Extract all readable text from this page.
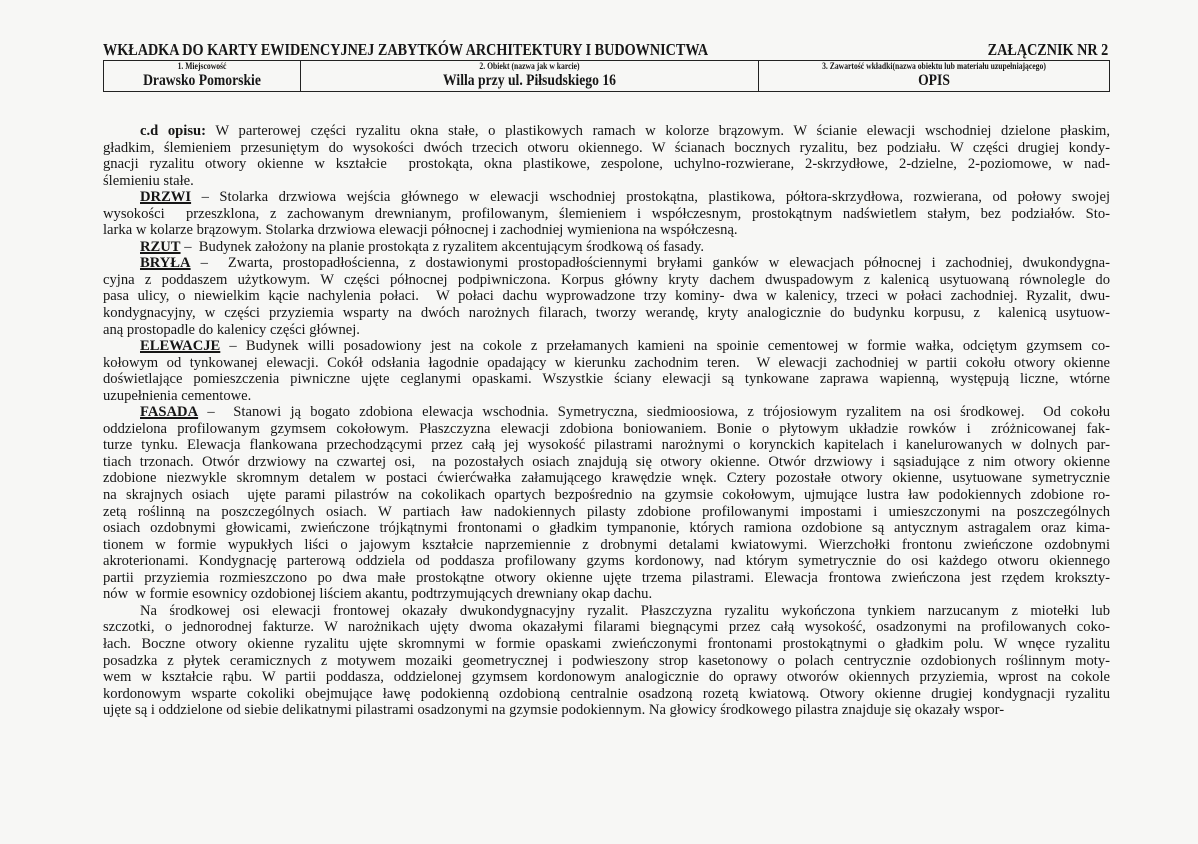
WKŁADKA DO KARTY EWIDENCYJNEJ ZABYTKÓW ARCHITEKTURY I BUDOWNICTWA	ZAŁĄCZNIK NR 2
1. Miejscowość
Drawsko Pomorskie
2. Obiekt (nazwa jak w karcie)
Willa przy ul. Piłsudskiego 16
3. Zawartość wkładki(nazwa obiektu lub materiału uzupełniającego)
OPIS
c.d opisu: W parterowej części ryzalitu okna stałe, o plastikowych ramach w kolorze brązowym. W ścianie elewacji wschodniej dzielone płaskim,
gładkim, ślemieniem przesuniętym do wysokości dwóch trzecich otworu okiennego. W ścianach bocznych ryzalitu, bez podziału. W części drugiej kondy-
gnacji ryzalitu otwory okienne w kształcie  prostokąta, okna plastikowe, zespolone, uchylno-rozwierane, 2-skrzydłowe, 2-dzielne, 2-poziomowe, w nad-
ślemieniu stałe.
DRZWI – Stolarka drzwiowa wejścia głównego w elewacji wschodniej prostokątna, plastikowa, półtora-skrzydłowa, rozwierana, od połowy swojej
wysokości  przeszklona, z zachowanym drewnianym, profilowanym, ślemieniem i współczesnym, prostokątnym nadświetlem stałym, bez podziałów. Sto-
larka w kolarze brązowym. Stolarka drzwiowa elewacji północnej i zachodniej wymieniona na współczesną.
RZUT –  Budynek założony na planie prostokąta z ryzalitem akcentującym środkową oś fasady.
BRYŁA –  Zwarta, prostopadłościenna, z dostawionymi prostopadłościennymi bryłami ganków w elewacjach północnej i zachodniej, dwukondygna-
cyjna z poddaszem użytkowym. W części północnej podpiwniczona. Korpus główny kryty dachem dwuspadowym z kalenicą usytuowaną równolegle do
pasa ulicy, o niewielkim kącie nachylenia połaci.  W połaci dachu wyprowadzone trzy kominy- dwa w kalenicy, trzeci w połaci zachodniej. Ryzalit, dwu-
kondygnacyjny, w części przyziemia wsparty na dwóch narożnych filarach, tworzy werandę, kryty analogicznie do budynku korpusu, z  kalenicą usytuow-
aną prostopadle do kalenicy części głównej.
ELEWACJE – Budynek willi posadowiony jest na cokole z przełamanych kamieni na spoinie cementowej w formie wałka, odciętym gzymsem co-
kołowym od tynkowanej elewacji. Cokół odsłania łagodnie opadający w kierunku zachodnim teren.  W elewacji zachodniej w partii cokołu otwory okienne
doświetlające pomieszczenia piwniczne ujęte ceglanymi opaskami. Wszystkie ściany elewacji są tynkowane zaprawa wapienną, występują liczne, wtórne
uzupełnienia cementowe.
FASADA –  Stanowi ją bogato zdobiona elewacja wschodnia. Symetryczna, siedmioosiowa, z trójosiowym ryzalitem na osi środkowej.  Od cokołu
oddzielona profilowanym gzymsem cokołowym. Płaszczyzna elewacji zdobiona boniowaniem. Bonie o płytowym układzie rowków i  zróżnicowanej fak-
turze tynku. Elewacja flankowana przechodzącymi przez całą jej wysokość pilastrami narożnymi o korynckich kapitelach i kanelurowanych w dolnych par-
tiach trzonach. Otwór drzwiowy na czwartej osi,  na pozostałych osiach znajdują się otwory okienne. Otwór drzwiowy i sąsiadujące z nim otwory okienne
zdobione niezwykle skromnym detalem w postaci ćwierćwałka załamującego krawędzie wnęk. Cztery pozostałe otwory okienne, usytuowane symetrycznie
na skrajnych osiach  ujęte parami pilastrów na cokolikach opartych bezpośrednio na gzymsie cokołowym, ujmujące lustra ław podokiennych zdobione ro-
zetą roślinną na poszczególnych osiach. W partiach ław nadokiennych pilasty zdobione profilowanymi impostami i umieszczonymi na poszczególnych
osiach ozdobnymi głowicami, zwieńczone trójkątnymi frontonami o gładkim tympanonie, których ramiona ozdobione są antycznym astragalem oraz kima-
tionem w formie wypukłych liści o jajowym kształcie naprzemiennie z drobnymi detalami kwiatowymi. Wierzchołki frontonu zwieńczone ozdobnymi
akroterionami. Kondygnację parterową oddziela od poddasza profilowany gzyms kordonowy, nad którym symetrycznie do osi każdego otworu okiennego
partii przyziemia rozmieszczono po dwa małe prostokątne otwory okienne ujęte trzema pilastrami. Elewacja frontowa zwieńczona jest rzędem krokszty-
nów  w formie esownicy ozdobionej liściem akantu, podtrzymujących drewniany okap dachu.
Na środkowej osi elewacji frontowej okazały dwukondygnacyjny ryzalit. Płaszczyzna ryzalitu wykończona tynkiem narzucanym z miotełki lub
szczotki, o jednorodnej fakturze. W narożnikach ujęty dwoma okazałymi filarami biegnącymi przez całą wysokość, osadzonymi na profilowanych coko-
łach. Boczne otwory okienne ryzalitu ujęte skromnymi w formie opaskami zwieńczonymi frontonami prostokątnymi o gładkim polu. W wnęce ryzalitu
posadzka z płytek ceramicznych z motywem mozaiki geometrycznej i podwieszony strop kasetonowy o polach centrycznie ozdobionych roślinnym moty-
wem w kształcie rąbu. W partii poddasza, oddzielonej gzymsem kordonowym analogicznie do oprawy otworów okiennych przyziemia, wprost na cokole
kordonowym wsparte cokoliki obejmujące ławę podokienną ozdobioną centralnie osadzoną rozetą kwiatową. Otwory okienne drugiej kondygnacji ryzalitu
ujęte są i oddzielone od siebie delikatnymi pilastrami osadzonymi na gzymsie podokiennym. Na głowicy środkowego pilastra znajduje się okazały wspor-
